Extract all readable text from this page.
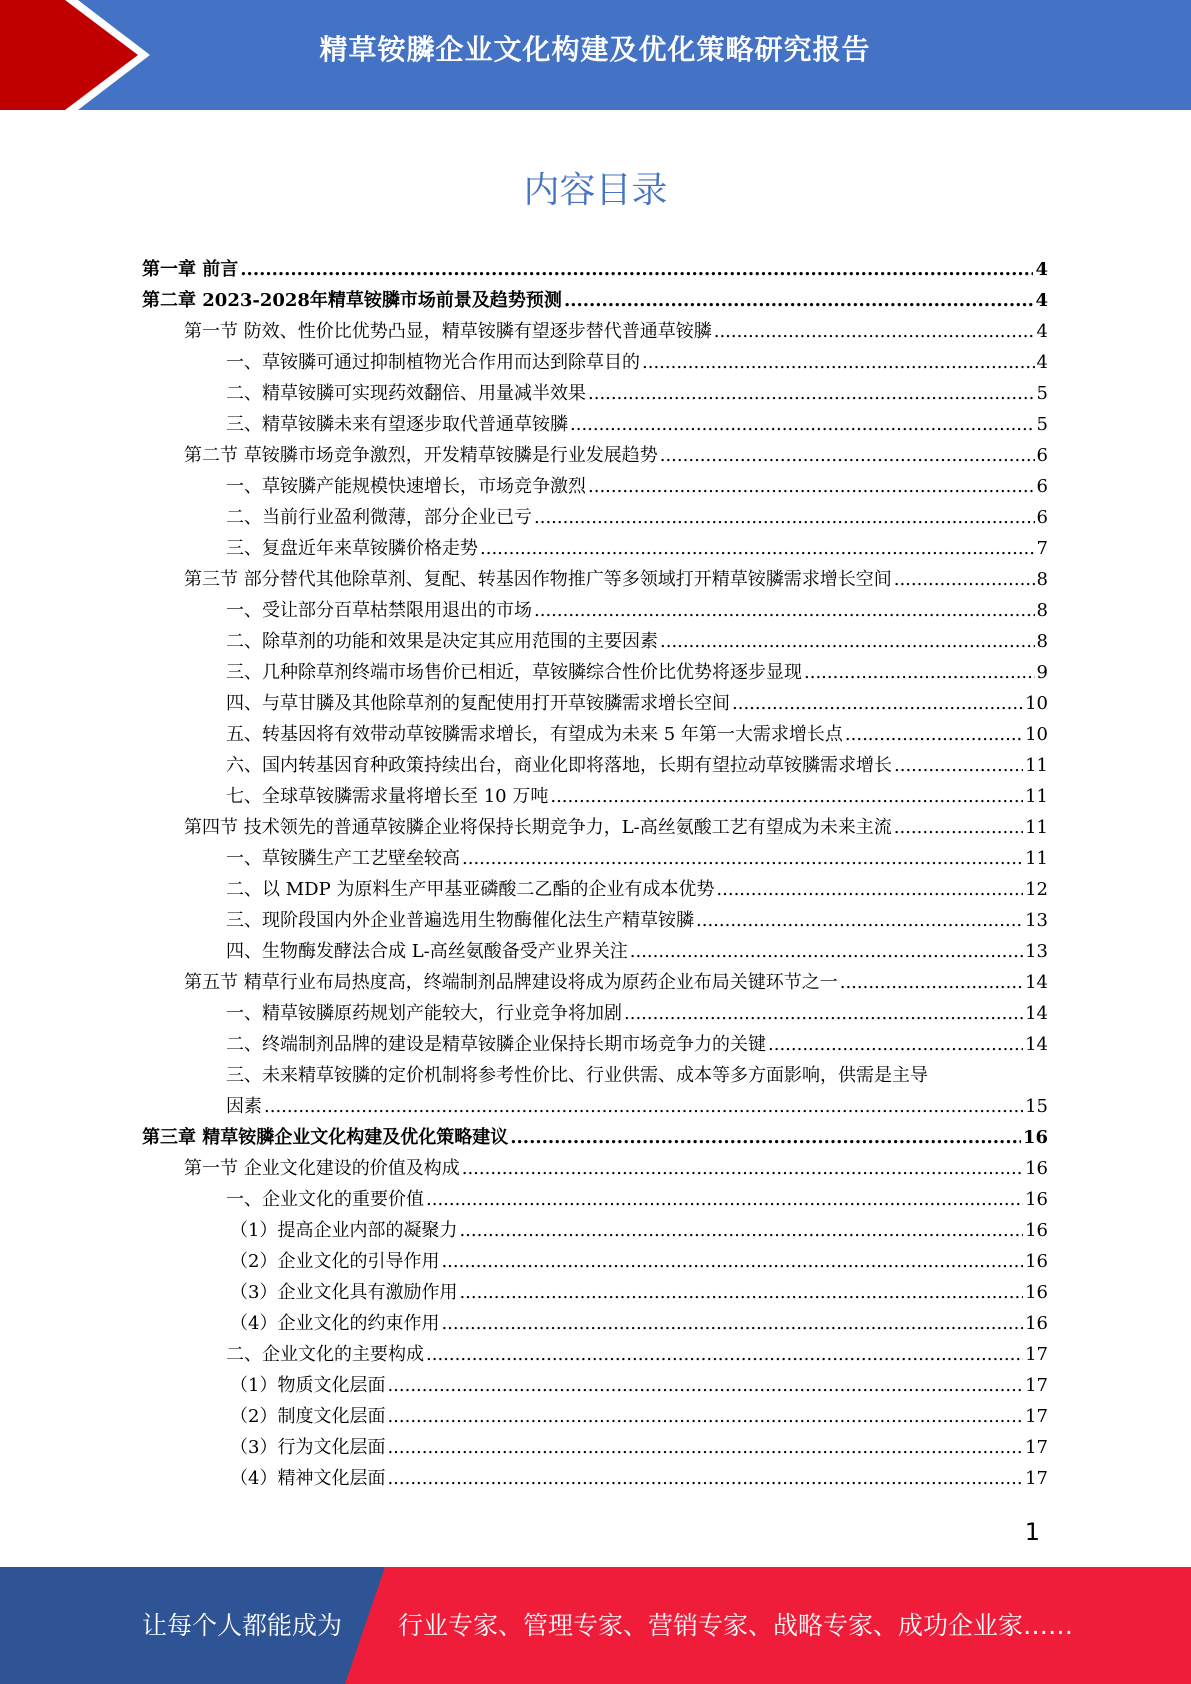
精草铵膦企业文化构建及优化策略研究报告
内容目录
第一章 前言 .....	4
第二章 2023-2028年精草铵膦市场前景及趋势预测 .....	4
第一节 防效、性价比优势凸显，精草铵膦有望逐步替代普通草铵膦 .....	4
一、草铵膦可通过抑制植物光合作用而达到除草目的 .....	4
二、精草铵膦可实现药效翻倍、用量减半效果 .....	5
三、精草铵膦未来有望逐步取代普通草铵膦 .....	5
第二节 草铵膦市场竞争激烈，开发精草铵膦是行业发展趋势 .....	6
一、草铵膦产能规模快速增长，市场竞争激烈 .....	6
二、当前行业盈利微薄，部分企业已亏 .....	6
三、复盘近年来草铵膦价格走势 .....	7
第三节 部分替代其他除草剂、复配、转基因作物推广等多领域打开精草铵膦需求增长空间 .....	8
一、受让部分百草枯禁限用退出的市场 .....	8
二、除草剂的功能和效果是决定其应用范围的主要因素 .....	8
三、几种除草剂终端市场售价已相近，草铵膦综合性价比优势将逐步显现 .....	9
四、与草甘膦及其他除草剂的复配使用打开草铵膦需求增长空间 .....	10
五、转基因将有效带动草铵膦需求增长，有望成为未来 5 年第一大需求增长点 .....	10
六、国内转基因育种政策持续出台，商业化即将落地，长期有望拉动草铵膦需求增长 .....	11
七、全球草铵膦需求量将增长至 10 万吨 .....	11
第四节 技术领先的普通草铵膦企业将保持长期竞争力，L-高丝氨酸工艺有望成为未来主流 .....	11
一、草铵膦生产工艺壁垒较高 .....	11
二、以 MDP 为原料生产甲基亚磷酸二乙酯的企业有成本优势 .....	12
三、现阶段国内外企业普遍选用生物酶催化法生产精草铵膦 .....	13
四、生物酶发酵法合成 L-高丝氨酸备受产业界关注 .....	13
第五节 精草行业布局热度高，终端制剂品牌建设将成为原药企业布局关键环节之一 .....	14
一、精草铵膦原药规划产能较大，行业竞争将加剧 .....	14
二、终端制剂品牌的建设是精草铵膦企业保持长期市场竞争力的关键 .....	14
三、未来精草铵膦的定价机制将参考性价比、行业供需、成本等多方面影响，供需是主导
因素 .....	15
第三章 精草铵膦企业文化构建及优化策略建议 .....	16
第一节 企业文化建设的价值及构成 .....	16
一、企业文化的重要价值 .....	16
（1）提高企业内部的凝聚力 .....	16
（2）企业文化的引导作用 .....	16
（3）企业文化具有激励作用 .....	16
（4）企业文化的约束作用 .....	16
二、企业文化的主要构成 .....	17
（1）物质文化层面 .....	17
（2）制度文化层面 .....	17
（3）行为文化层面 .....	17
（4）精神文化层面 .....	17
1
让每个人都能成为 行业专家、管理专家、营销专家、战略专家、成功企业家……
